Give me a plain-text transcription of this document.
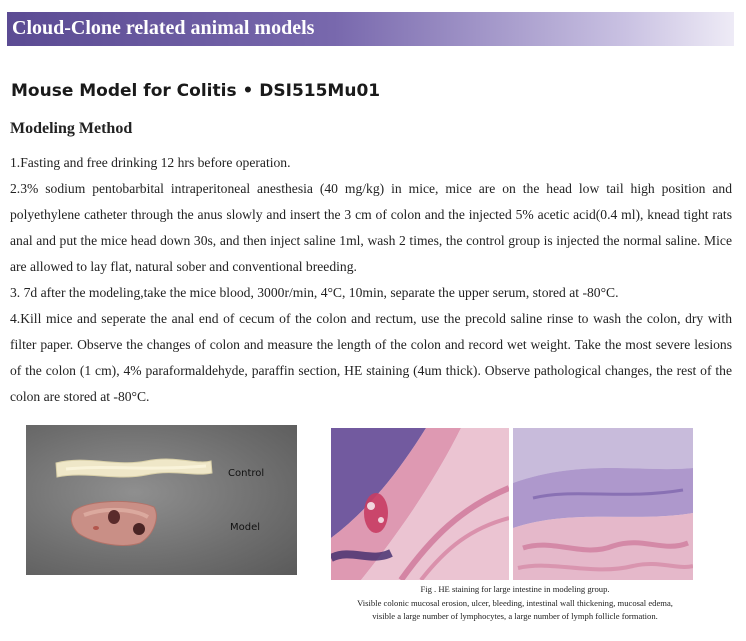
Cloud-Clone related animal models
Mouse Model for Colitis • DSI515Mu01
Modeling Method

1.Fasting and free drinking 12 hrs before operation.

2.3% sodium pentobarbital intraperitoneal anesthesia (40 mg/kg) in mice, mice are on the head low tail high position and polyethylene catheter through the anus slowly and insert the 3 cm of colon and the injected 5% acetic acid(0.4 ml), knead tight rats anal and put the mice head down 30s, and then inject saline 1ml, wash 2 times, the control group is injected the normal saline. Mice are allowed to lay flat, natural sober and conventional breeding.

3. 7d after the modeling,take the mice blood, 3000r/min, 4°C, 10min, separate the upper serum, stored at -80°C.

4.Kill mice and seperate the anal end of cecum of the colon and rectum, use the precold saline rinse to wash the colon, dry with filter paper. Observe the changes of colon and measure the length of the colon and record wet weight. Take the most severe lesions of the colon (1 cm), 4% paraformaldehyde, paraffin section, HE staining (4um thick). Observe pathological changes, the rest of the colon are stored at -80°C.

Control
Model

Fig . HE staining for large intestine in modeling group.

Visible colonic mucosal erosion, ulcer, bleeding, intestinal wall thickening, mucosal edema,

visible a large number of lymphocytes, a large number of lymph follicle formation.
